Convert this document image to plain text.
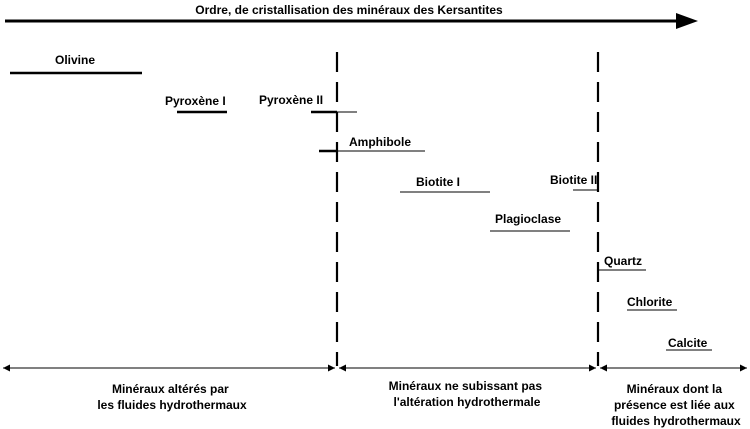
Ordre, de cristallisation des minéraux des Kersantites
Olivine
Pyroxène I	Pyroxène II
Amphibole
Biotite I	Biotite II
Plagioclase
Quartz
Chlorite
Calcite
Minéraux altérés par les fluides hydrothermaux
Minéraux ne subissant pas l'altération hydrothermale
Minéraux dont la présence est liée aux fluides hydrothermaux
